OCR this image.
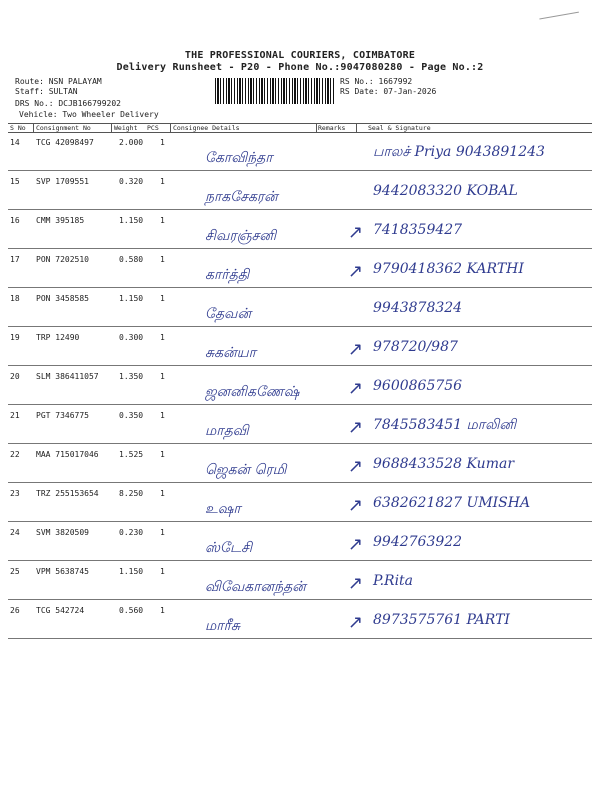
THE PROFESSIONAL COURIERS, COIMBATORE
Delivery Runsheet - P20 - Phone No.:9047080280 - Page No.:2
Route: NSN PALAYAM
Staff: SULTAN
DRS No.: DCJB166799202
Vehicle: Two Wheeler Delivery
RS No.: 1667992
RS Date: 07-Jan-2026
S No Consignment No	Weight PCS Consignee Details	Remarks	Seal & Signature
14 TCG 42098497	2.000 1
கோவிந்தா	பாலச் Priya 9043891243
15 SVP 1709551	0.320 1
நாகசேகரன்	9442083320 KOBAL
16 CMM 395185	1.150 1
சிவரஞ்சனி	↗ 7418359427
17 PON 7202510	0.580 1
கார்த்தி	↗ 9790418362 KARTHI
18 PON 3458585	1.150 1
தேவன்	9943878324
19 TRP 12490	0.300 1
சுகன்யா	↗ 978720/987
20 SLM 386411057	1.350 1
ஜனனிகணேஷ்	↗ 9600865756
21 PGT 7346775	0.350 1
மாதவி	↗ 7845583451 மாலினி
22 MAA 715017046	1.525 1
ஜெகன் ரெமி	↗ 9688433528 Kumar
23 TRZ 255153654	8.250 1
உஷா	↗ 6382621827 UMISHA
24 SVM 3820509	0.230 1
ஸ்டேசி	↗ 9942763922
25 VPM 5638745	1.150 1
விவேகானந்தன் ↗ P.Rita
26 TCG 542724	0.560 1
மாரீசு	↗ 8973575761 PARTI
